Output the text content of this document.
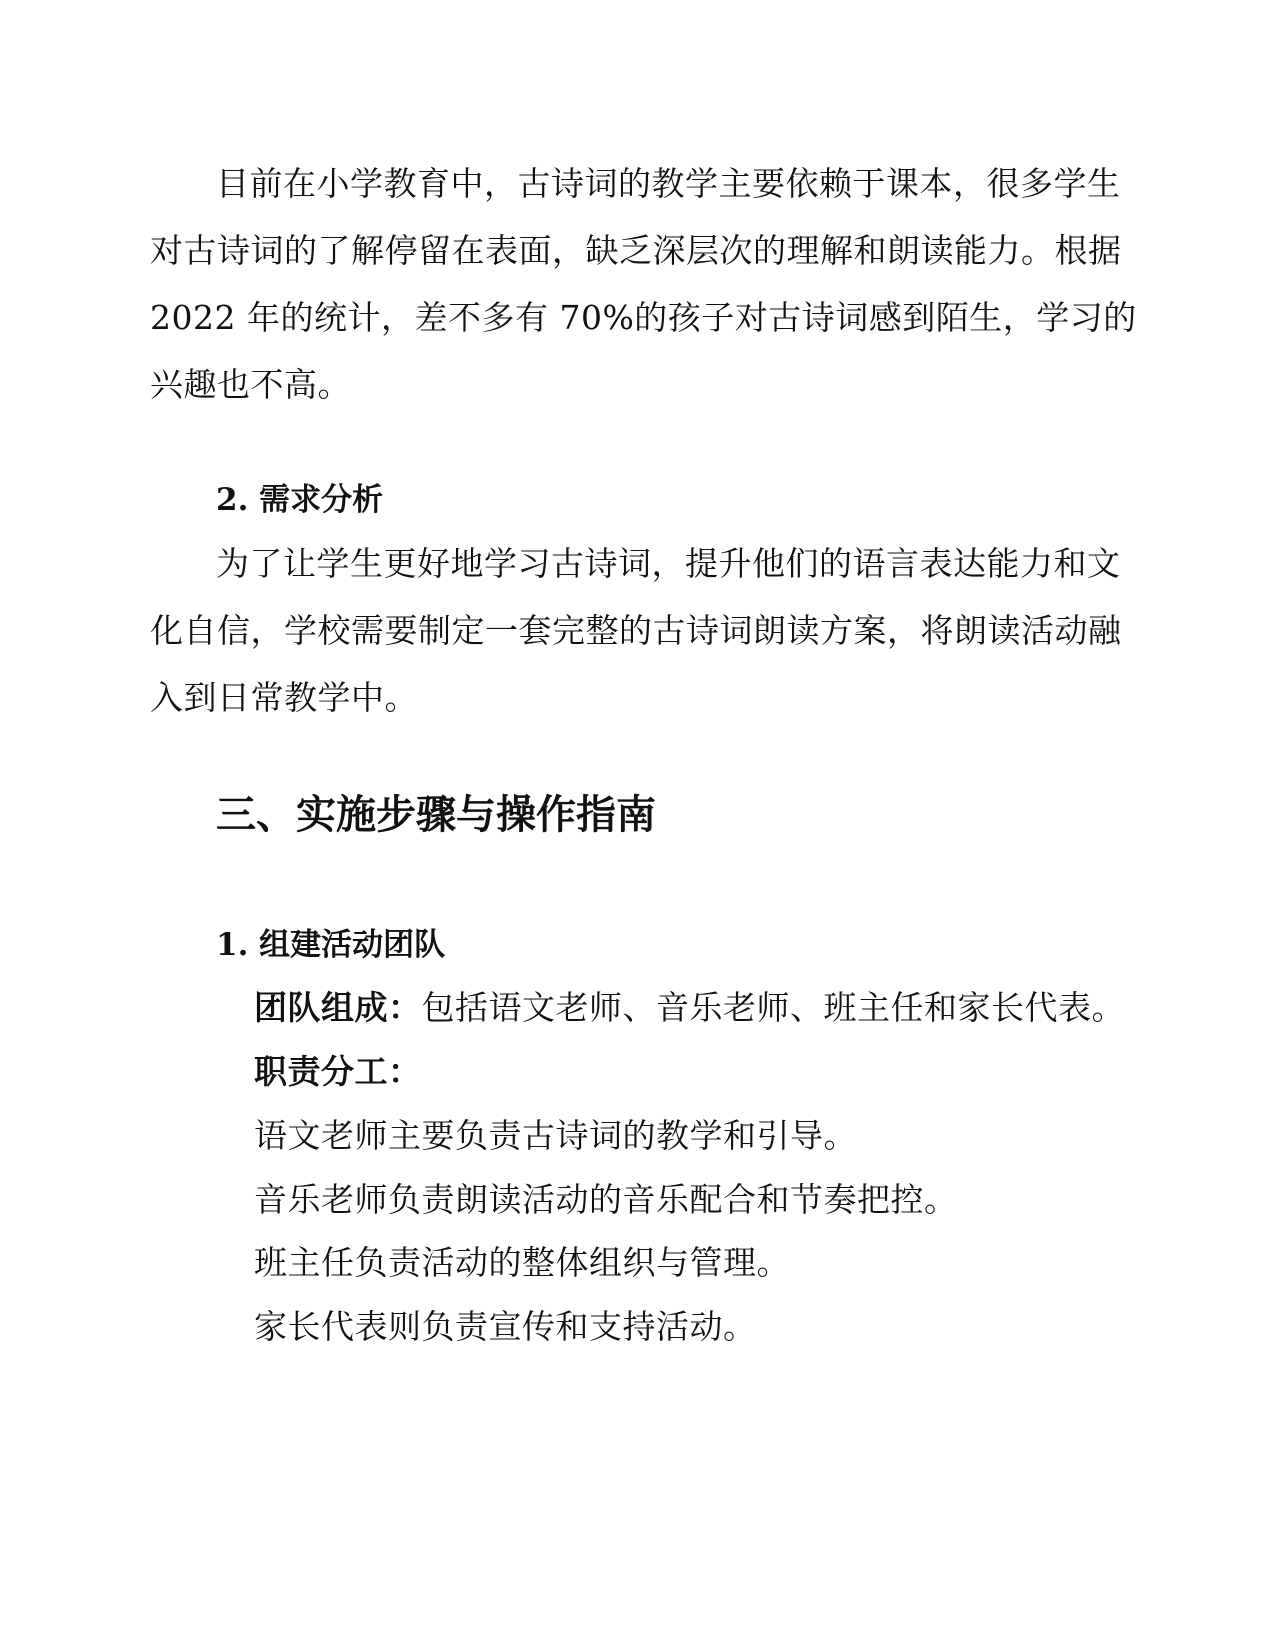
目前在小学教育中，古诗词的教学主要依赖于课本，很多学生
对古诗词的了解停留在表面，缺乏深层次的理解和朗读能力。根据
2022 年的统计，差不多有 70%的孩子对古诗词感到陌生，学习的
兴趣也不高。
2. 需求分析
为了让学生更好地学习古诗词，提升他们的语言表达能力和文
化自信，学校需要制定一套完整的古诗词朗读方案，将朗读活动融
入到日常教学中。
三、实施步骤与操作指南
1. 组建活动团队

团队组成：包括语文老师、音乐老师、班主任和家长代表。

职责分工：

语文老师主要负责古诗词的教学和引导。

音乐老师负责朗读活动的音乐配合和节奏把控。

班主任负责活动的整体组织与管理。

家长代表则负责宣传和支持活动。
